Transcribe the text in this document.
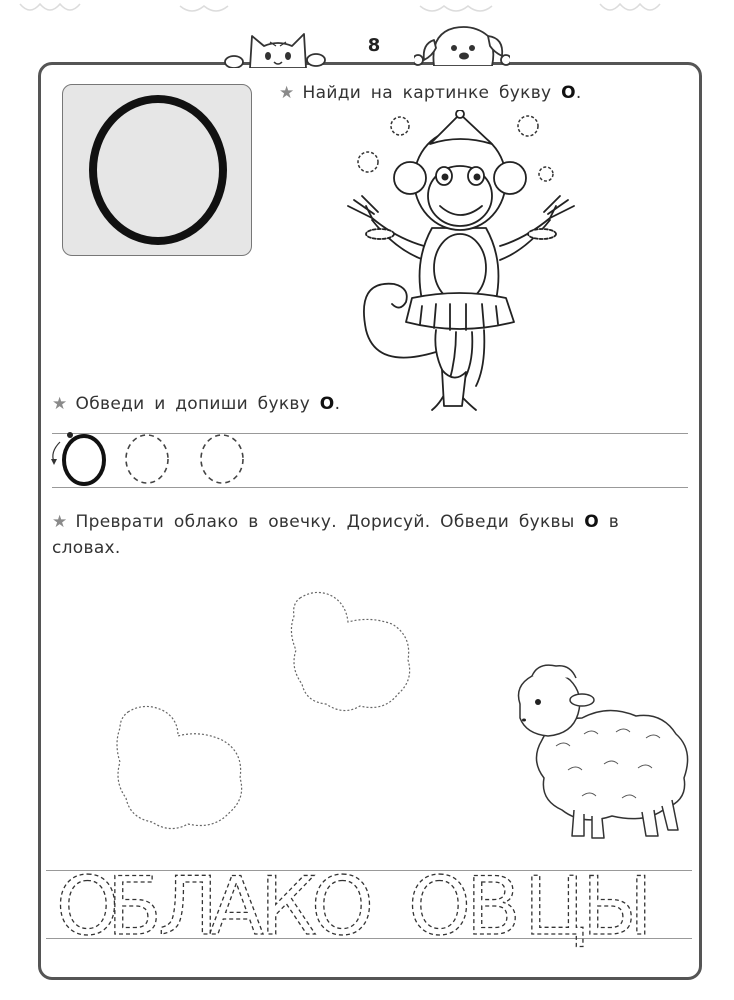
8
★ Найди на картинке букву О.
★ Обведи и допиши букву О.
★ Преврати облако в овечку. Дорисуй. Обведи буквы О в
словах.
О
Б
Л
А
К
О О
В Ц
Ы
